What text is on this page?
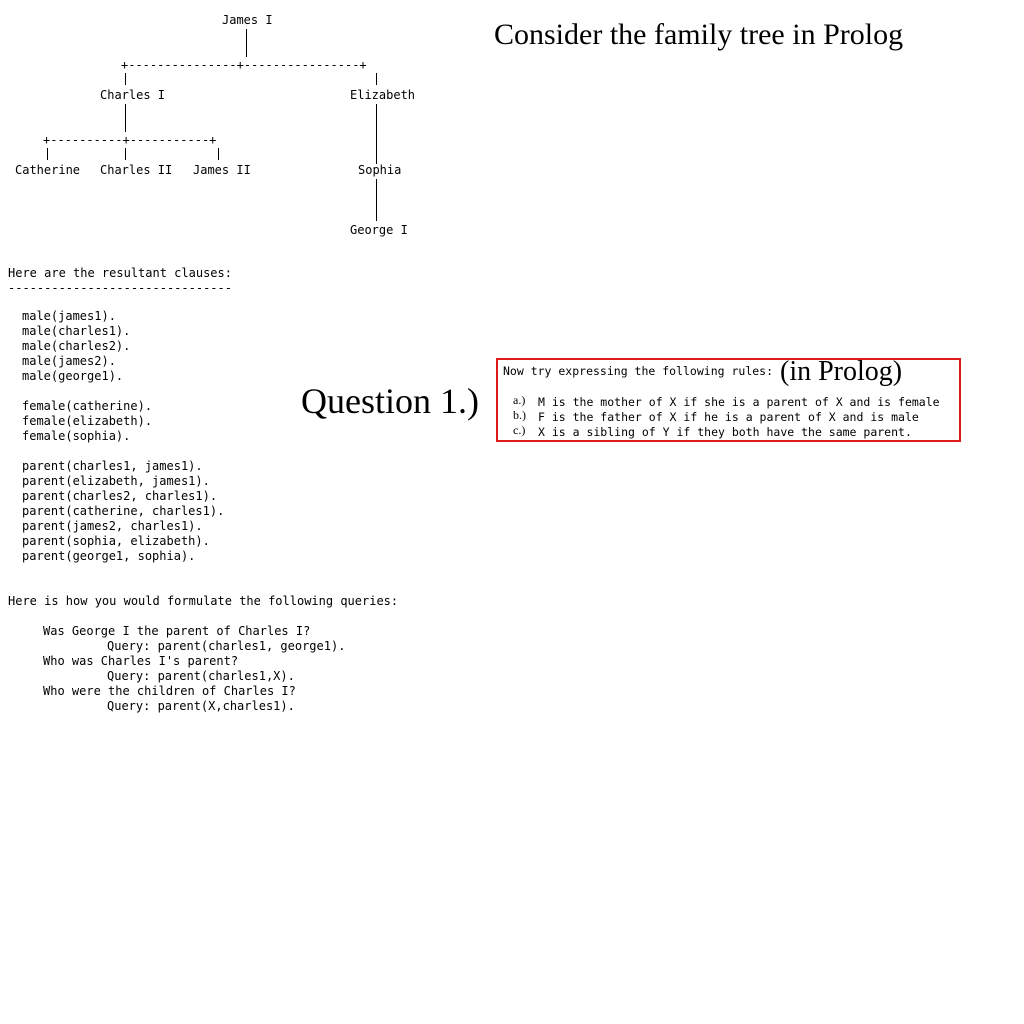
Consider the family tree in Prolog
James I
+---------------+----------------+
Charles I	Elizabeth
+----------+-----------+
Catherine Charles II James II	Sophia
George I
Here are the resultant clauses:
-------------------------------
male(james1).
male(charles1).
male(charles2).
male(james2).
male(george1).
female(catherine).
female(elizabeth).
female(sophia).
parent(charles1, james1).
parent(elizabeth, james1).
parent(charles2, charles1).
parent(catherine, charles1).
parent(james2, charles1).
parent(sophia, elizabeth).
parent(george1, sophia).
Here is how you would formulate the following queries:
Was George I the parent of Charles I?
Query: parent(charles1, george1).
Who was Charles I's parent?
Query: parent(charles1,X).
Who were the children of Charles I?
Query: parent(X,charles1).
Question 1.)
Now try expressing the following rules: (in Prolog)
a.) M is the mother of X if she is a parent of X and is female
b.) F is the father of X if he is a parent of X and is male
c.) X is a sibling of Y if they both have the same parent.
